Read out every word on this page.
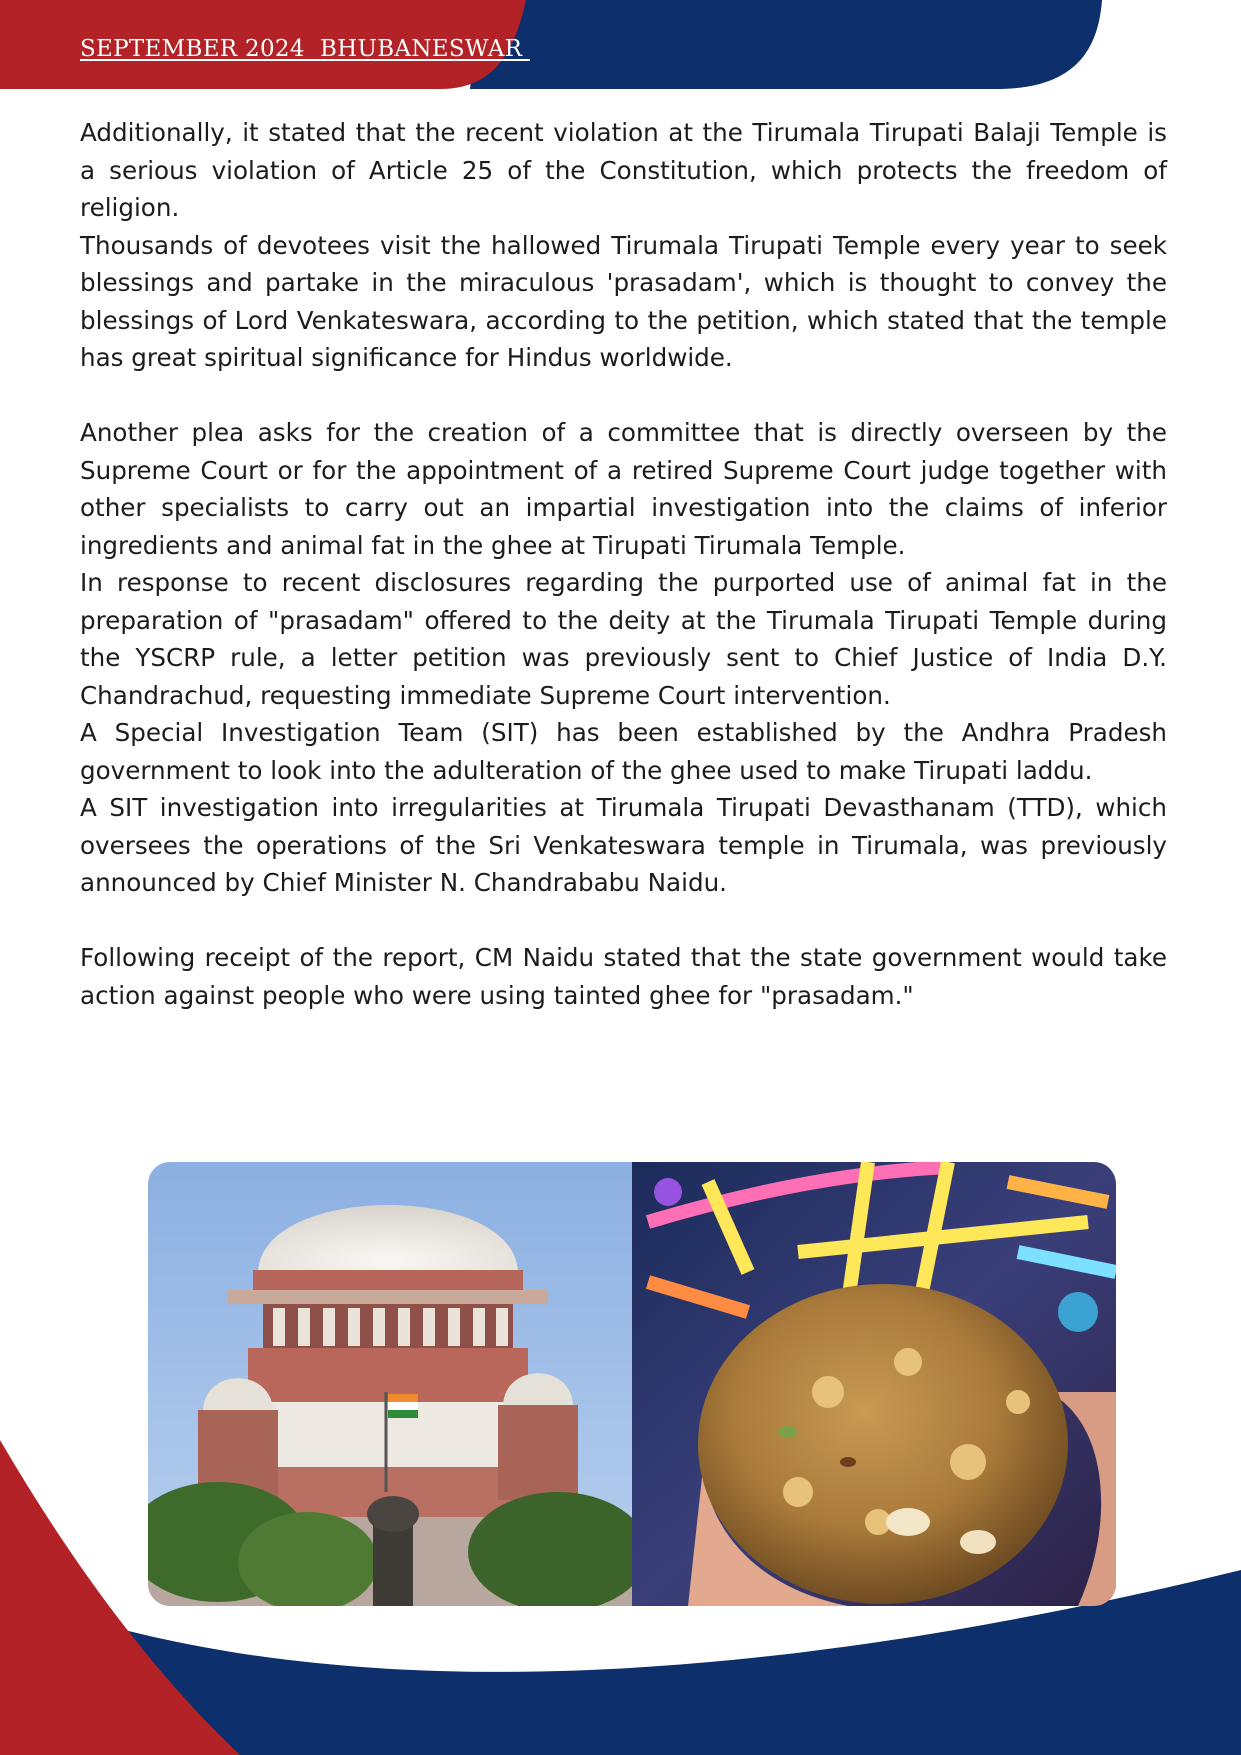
SEPTEMBER 2024  BHUBANESWAR	34

Additionally, it stated that the recent violation at the Tirumala Tirupati Balaji Temple is a serious violation of Article 25 of the Constitution, which protects the freedom of religion.

Thousands of devotees visit the hallowed Tirumala Tirupati Temple every year to seek blessings and partake in the miraculous 'prasadam', which is thought to convey the blessings of Lord Venkateswara, according to the petition, which stated that the temple has great spiritual significance for Hindus worldwide.

Another plea asks for the creation of a committee that is directly overseen by the Supreme Court or for the appointment of a retired Supreme Court judge together with other specialists to carry out an impartial investigation into the claims of inferior ingredients and animal fat in the ghee at Tirupati Tirumala Temple.

In response to recent disclosures regarding the purported use of animal fat in the preparation of "prasadam" offered to the deity at the Tirumala Tirupati Temple during the YSCRP rule, a letter petition was previously sent to Chief Justice of India D.Y. Chandrachud, requesting immediate Supreme Court intervention.

A Special Investigation Team (SIT) has been established by the Andhra Pradesh government to look into the adulteration of the ghee used to make Tirupati laddu.

A SIT investigation into irregularities at Tirumala Tirupati Devasthanam (TTD), which oversees the operations of the Sri Venkateswara temple in Tirumala, was previously announced by Chief Minister N. Chandrababu Naidu.

Following receipt of the report, CM Naidu stated that the state government would take action against people who were using tainted ghee for "prasadam."
